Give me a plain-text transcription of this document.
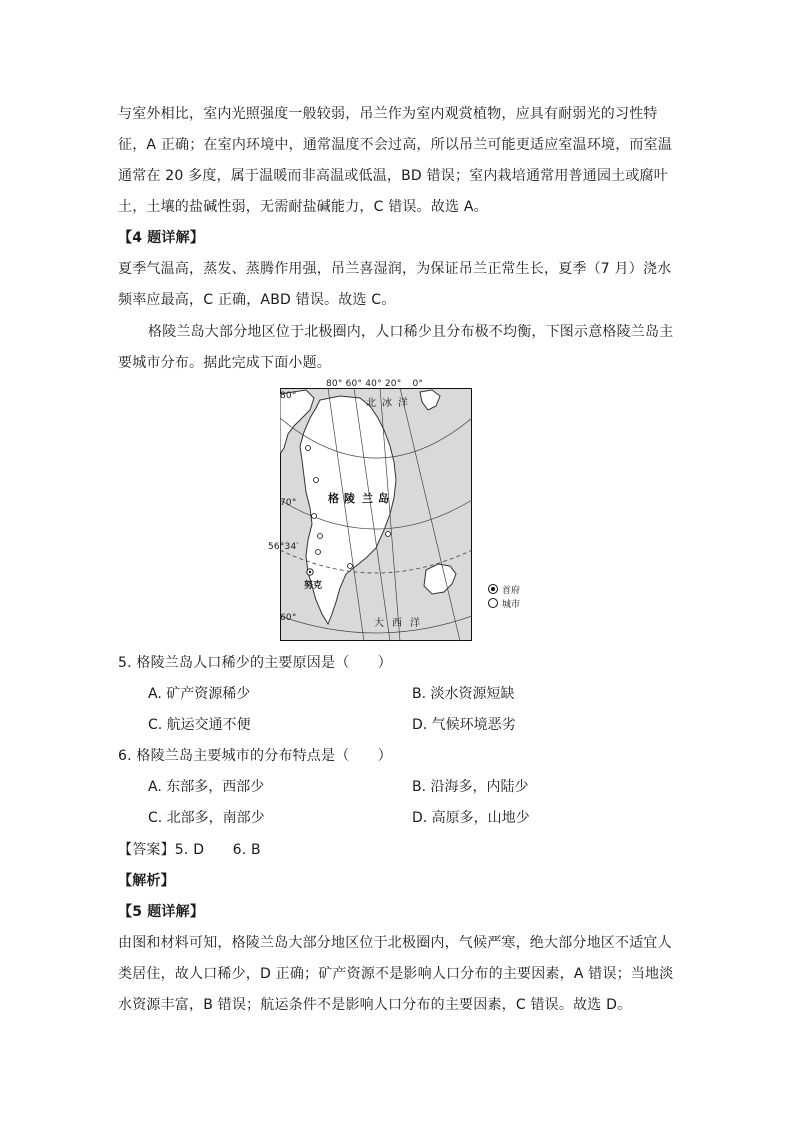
与室外相比，室内光照强度一般较弱，吊兰作为室内观赏植物，应具有耐弱光的习性特
征，A 正确；在室内环境中，通常温度不会过高，所以吊兰可能更适应室温环境，而室温
通常在 20 多度，属于温暖而非高温或低温，BD 错误；室内栽培通常用普通园土或腐叶
土，土壤的盐碱性弱，无需耐盐碱能力，C 错误。故选 A。
【4 题详解】
夏季气温高，蒸发、蒸腾作用强，吊兰喜湿润，为保证吊兰正常生长，夏季（7 月）浇水
频率应最高，C 正确，ABD 错误。故选 C。
格陵兰岛大部分地区位于北极圈内，人口稀少且分布极不均衡，下图示意格陵兰岛主
要城市分布。据此完成下面小题。
北 冰 洋
格 陵 兰 岛
努克
大 西 洋
80° 60° 40° 20° 0°
80°
70°
56°34′
60°
首府
城市
5. 格陵兰岛人口稀少的主要原因是（　　）
A. 矿产资源稀少	B. 淡水资源短缺
C. 航运交通不便	D. 气候环境恶劣
6. 格陵兰岛主要城市的分布特点是（　　）
A. 东部多，西部少	B. 沿海多，内陆少
C. 北部多，南部少	D. 高原多，山地少
【答案】5. D　　6. B
【解析】
【5 题详解】
由图和材料可知，格陵兰岛大部分地区位于北极圈内，气候严寒，绝大部分地区不适宜人
类居住，故人口稀少，D 正确；矿产资源不是影响人口分布的主要因素，A 错误；当地淡
水资源丰富，B 错误；航运条件不是影响人口分布的主要因素，C 错误。故选 D。
